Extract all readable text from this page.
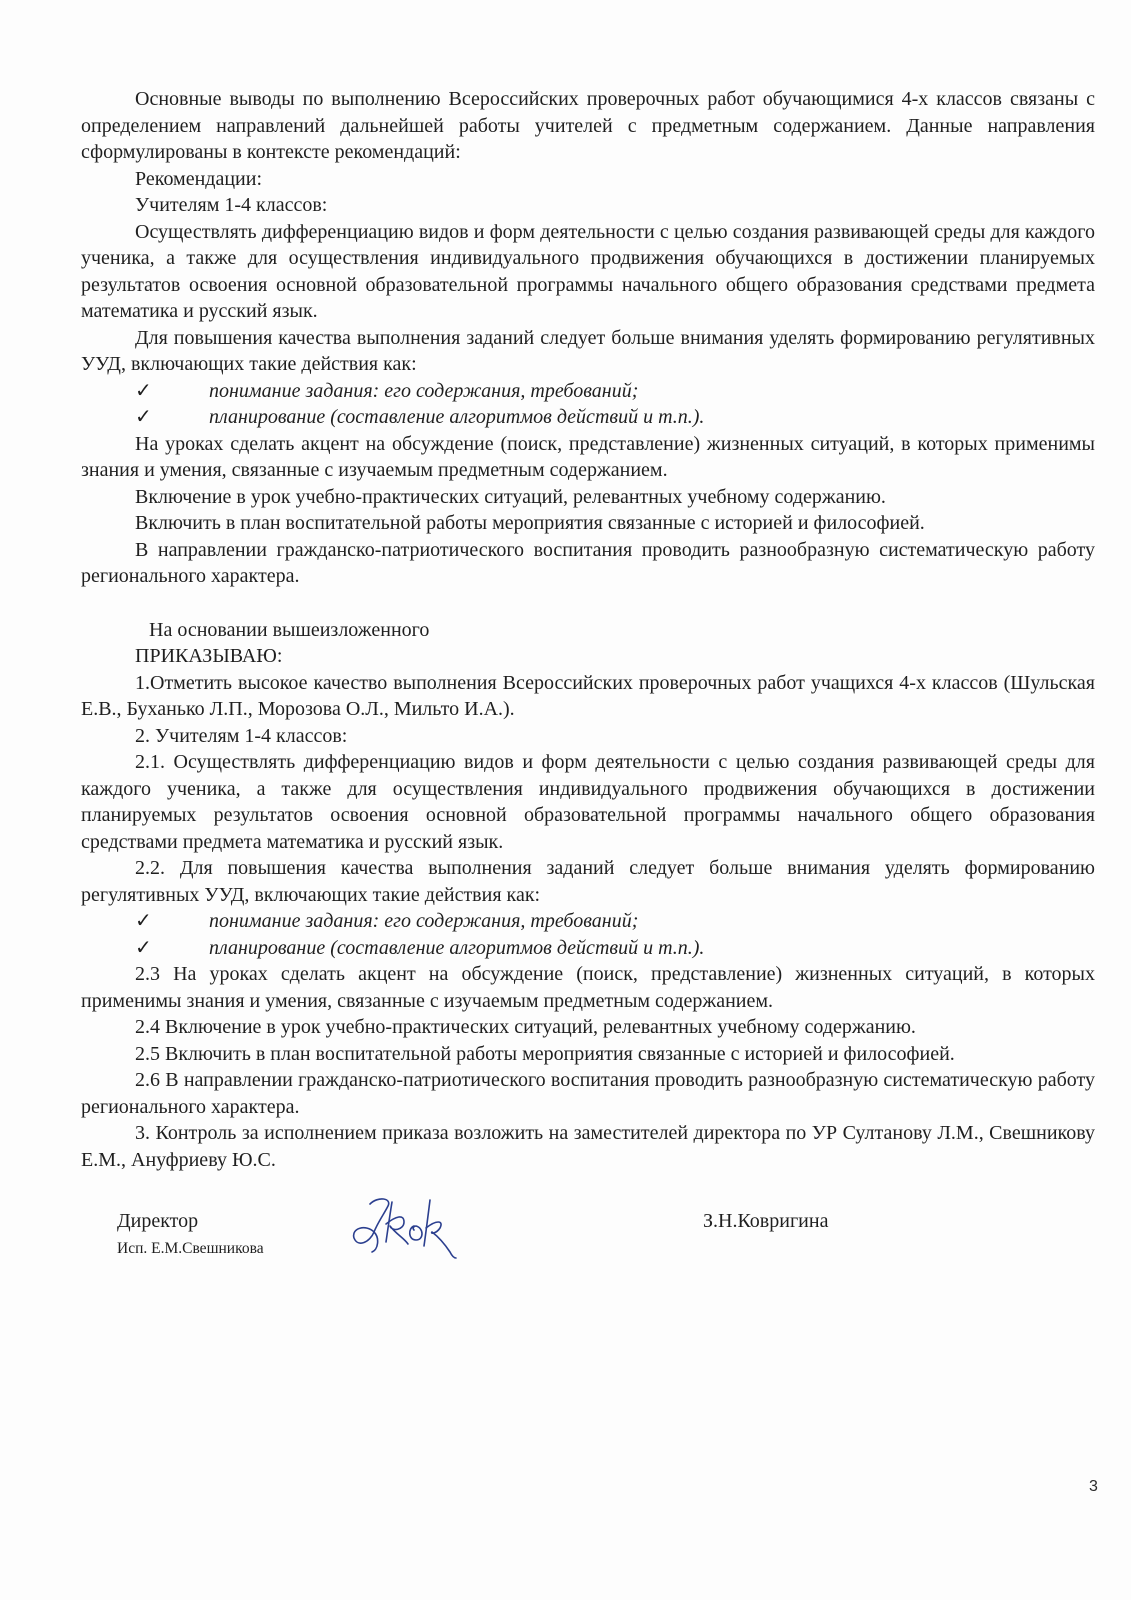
Основные выводы по выполнению Всероссийских проверочных работ обучающимися 4-х классов связаны с определением направлений дальнейшей работы учителей с предметным содержанием. Данные направления сформулированы в контексте рекомендаций:

Рекомендации:

Учителям 1-4 классов:

Осуществлять дифференциацию видов и форм деятельности с целью создания развивающей среды для каждого ученика, а также для осуществления индивидуального продвижения обучающихся в достижении планируемых результатов освоения основной образовательной программы начального общего образования средствами предмета математика и русский язык.

Для повышения качества выполнения заданий следует больше внимания уделять формированию регулятивных УУД, включающих такие действия как:

✓	понимание задания: его содержания, требований;

✓	планирование (составление алгоритмов действий и т.п.).

На уроках сделать акцент на обсуждение (поиск, представление) жизненных ситуаций, в которых применимы знания и умения, связанные с изучаемым предметным содержанием.

Включение в урок учебно-практических ситуаций, релевантных учебному содержанию.

Включить в план воспитательной работы мероприятия связанные с историей и философией.

В направлении гражданско-патриотического воспитания проводить разнообразную систематическую работу регионального характера.

На основании вышеизложенного

ПРИКАЗЫВАЮ:

1.Отметить высокое качество выполнения Всероссийских проверочных работ учащихся 4-х классов (Шульская Е.В., Буханько Л.П., Морозова О.Л., Мильто И.А.).

2. Учителям 1-4 классов:

2.1. Осуществлять дифференциацию видов и форм деятельности с целью создания развивающей среды для каждого ученика, а также для осуществления индивидуального продвижения обучающихся в достижении планируемых результатов освоения основной образовательной программы начального общего образования средствами предмета математика и русский язык.

2.2. Для повышения качества выполнения заданий следует больше внимания уделять формированию регулятивных УУД, включающих такие действия как:

✓	понимание задания: его содержания, требований;

✓	планирование (составление алгоритмов действий и т.п.).

2.3 На уроках сделать акцент на обсуждение (поиск, представление) жизненных ситуаций, в которых применимы знания и умения, связанные с изучаемым предметным содержанием.

2.4 Включение в урок учебно-практических ситуаций, релевантных учебному содержанию.

2.5 Включить в план воспитательной работы мероприятия связанные с историей и философией.

2.6 В направлении гражданско-патриотического воспитания проводить разнообразную систематическую работу регионального характера.

3. Контроль за исполнением приказа возложить на заместителей директора по УР Султанову Л.М., Свешникову Е.М., Ануфриеву Ю.С.

Директор
Исп. Е.М.Свешникова
З.Н.Ковригина
3
